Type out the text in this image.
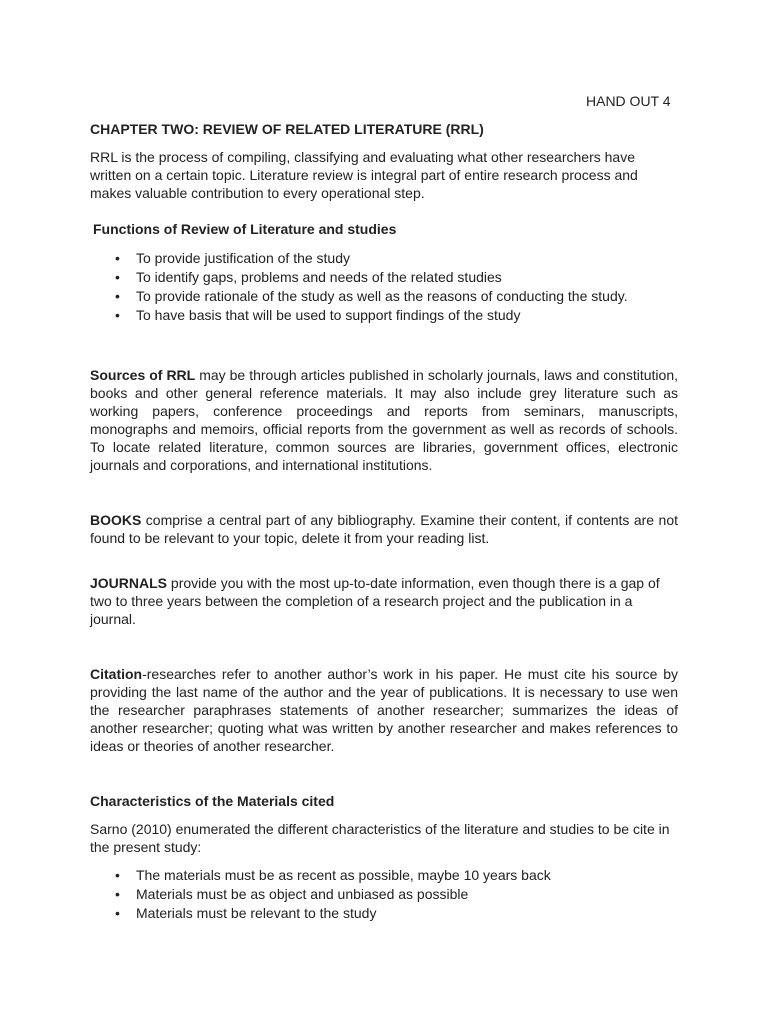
HAND OUT 4

CHAPTER TWO: REVIEW OF RELATED LITERATURE (RRL)

RRL is the process of compiling, classifying and evaluating what other researchers have written on a certain topic. Literature review is integral part of entire research process and makes valuable contribution to every operational step.

Functions of Review of Literature and studies

• To provide justification of the study
• To identify gaps, problems and needs of the related studies
• To provide rationale of the study as well as the reasons of conducting the study.
• To have basis that will be used to support findings of the study

Sources of RRL may be through articles published in scholarly journals, laws and constitution, books and other general reference materials. It may also include grey literature such as working papers, conference proceedings and reports from seminars, manuscripts, monographs and memoirs, official reports from the government as well as records of schools. To locate related literature, common sources are libraries, government offices, electronic journals and corporations, and international institutions.

BOOKS comprise a central part of any bibliography. Examine their content, if contents are not found to be relevant to your topic, delete it from your reading list.

JOURNALS provide you with the most up-to-date information, even though there is a gap of two to three years between the completion of a research project and the publication in a journal.

Citation-researches refer to another author’s work in his paper. He must cite his source by providing the last name of the author and the year of publications. It is necessary to use wen the researcher paraphrases statements of another researcher; summarizes the ideas of another researcher; quoting what was written by another researcher and makes references to ideas or theories of another researcher.

Characteristics of the Materials cited

Sarno (2010) enumerated the different characteristics of the literature and studies to be cite in the present study:

• The materials must be as recent as possible, maybe 10 years back
• Materials must be as object and unbiased as possible
• Materials must be relevant to the study
